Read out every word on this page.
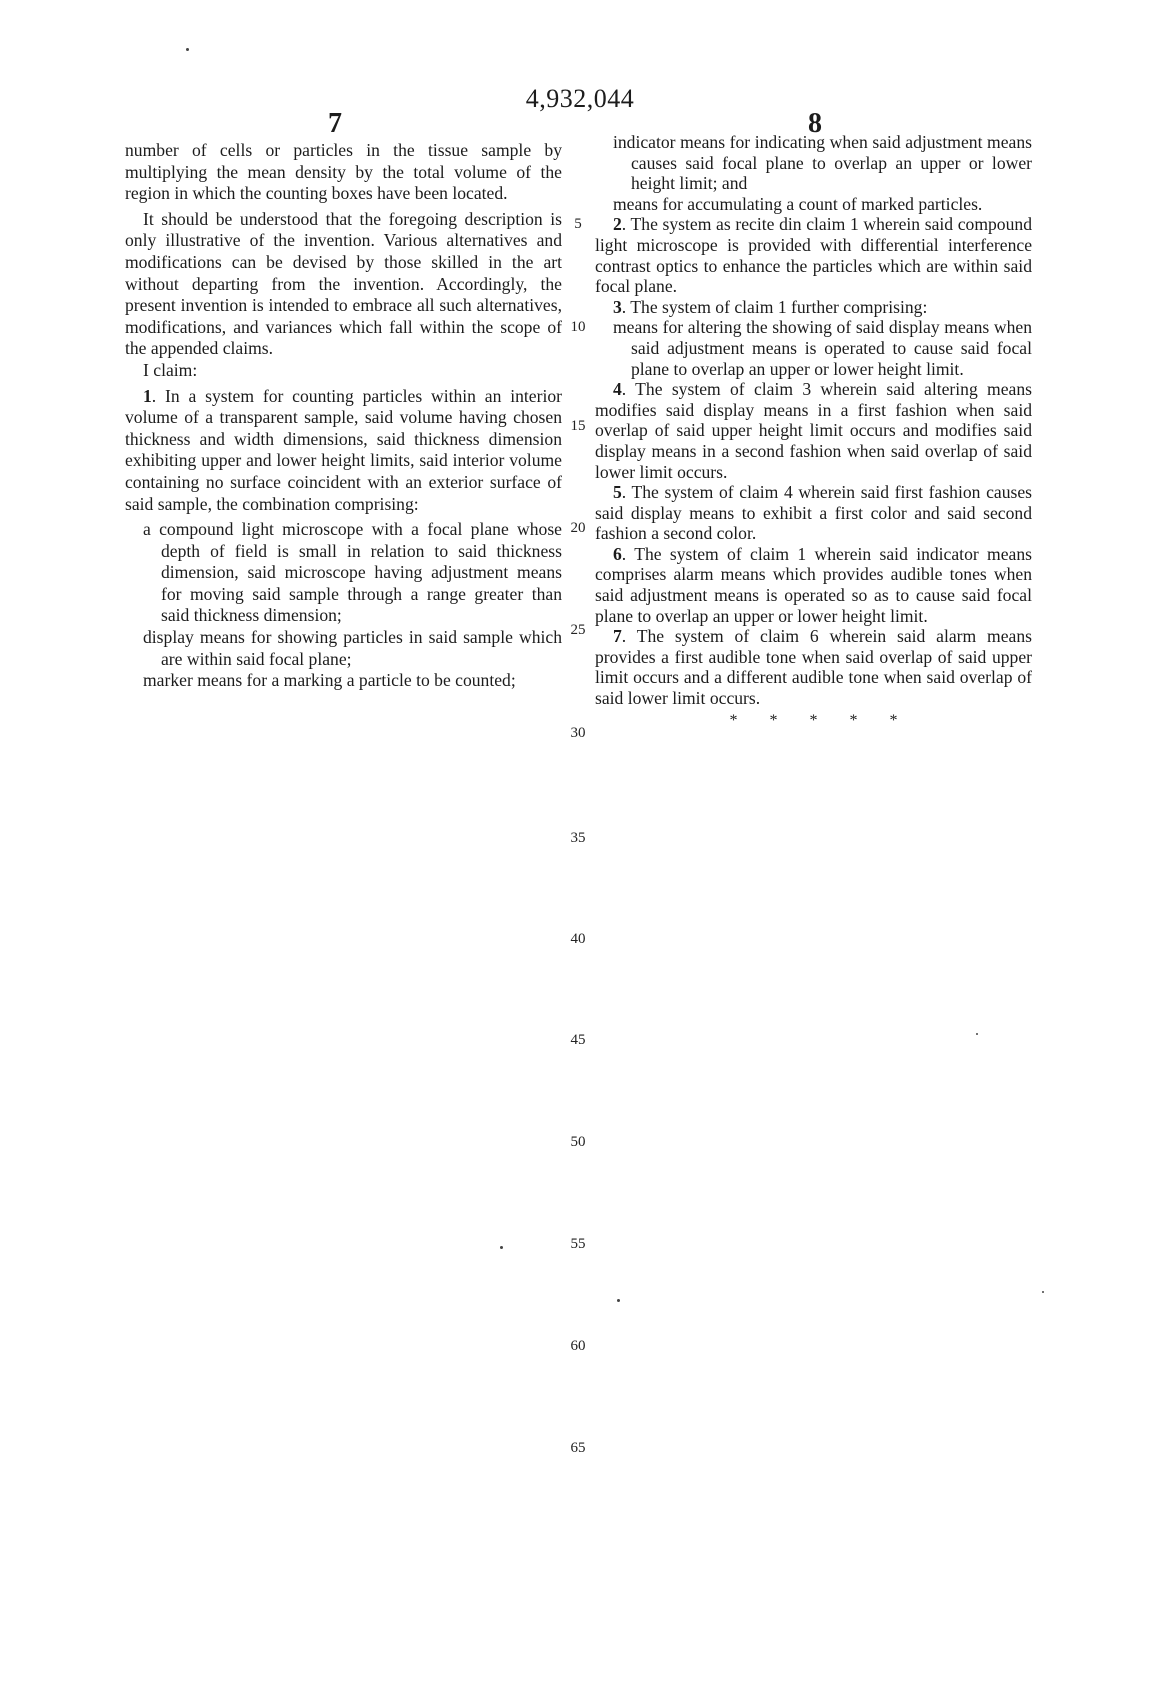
4,932,044
7	8

number of cells or particles in the tissue sample by multiplying the mean density by the total volume of the region in which the counting boxes have been located.

It should be understood that the foregoing description is only illustrative of the invention. Various alternatives and modifications can be devised by those skilled in the art without departing from the invention. Accordingly, the present invention is intended to embrace all such alternatives, modifications, and variances which fall within the scope of the appended claims.

I claim:

1. In a system for counting particles within an interior volume of a transparent sample, said volume having chosen thickness and width dimensions, said thickness dimension exhibiting upper and lower height limits, said interior volume containing no surface coincident with an exterior surface of said sample, the combination comprising:

a compound light microscope with a focal plane whose depth of field is small in relation to said thickness dimension, said microscope having adjustment means for moving said sample through a range greater than said thickness dimension;

display means for showing particles in said sample which are within said focal plane;

marker means for a marking a particle to be counted;

indicator means for indicating when said adjustment means causes said focal plane to overlap an upper or lower height limit; and

means for accumulating a count of marked particles.

2. The system as recite din claim 1 wherein said compound light microscope is provided with differential interference contrast optics to enhance the particles which are within said focal plane.

3. The system of claim 1 further comprising:

means for altering the showing of said display means when said adjustment means is operated to cause said focal plane to overlap an upper or lower height limit.

4. The system of claim 3 wherein said altering means modifies said display means in a first fashion when said overlap of said upper height limit occurs and modifies said display means in a second fashion when said overlap of said lower limit occurs.

5. The system of claim 4 wherein said first fashion causes said display means to exhibit a first color and said second fashion a second color.

6. The system of claim 1 wherein said indicator means comprises alarm means which provides audible tones when said adjustment means is operated so as to cause said focal plane to overlap an upper or lower height limit.

7. The system of claim 6 wherein said alarm means provides a first audible tone when said overlap of said upper limit occurs and a different audible tone when said overlap of said lower limit occurs.

* * * * *

5
10
15
20
25
30
35
40
45
50
55
60
65
